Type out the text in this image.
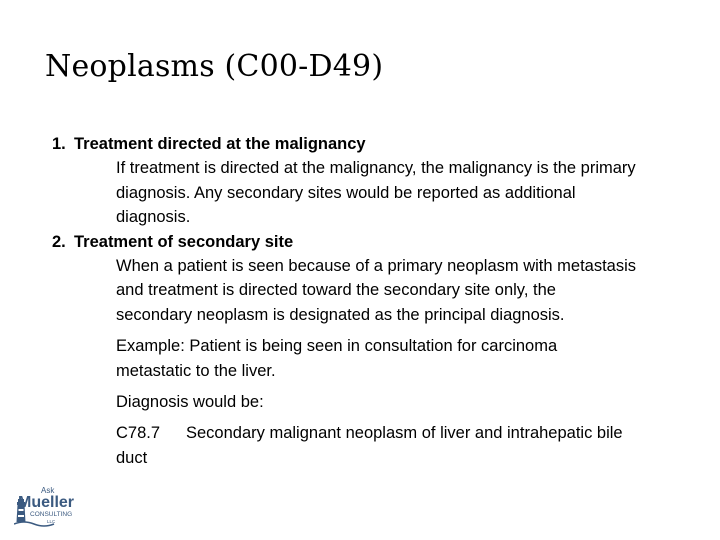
Neoplasms (C00-D49)
1. Treatment directed at the malignancy
If treatment is directed at the malignancy, the malignancy is the primary diagnosis. Any secondary sites would be reported as additional diagnosis.
2. Treatment of secondary site
When a patient is seen because of a primary neoplasm with metastasis and treatment is directed toward the secondary site only, the secondary neoplasm is designated as the principal diagnosis.
Example: Patient is being seen in consultation for carcinoma metastatic to the liver.
Diagnosis would be:
C78.7 Secondary malignant neoplasm of liver and intrahepatic bile duct
Ask
Mueller
CONSULTING
LLC
